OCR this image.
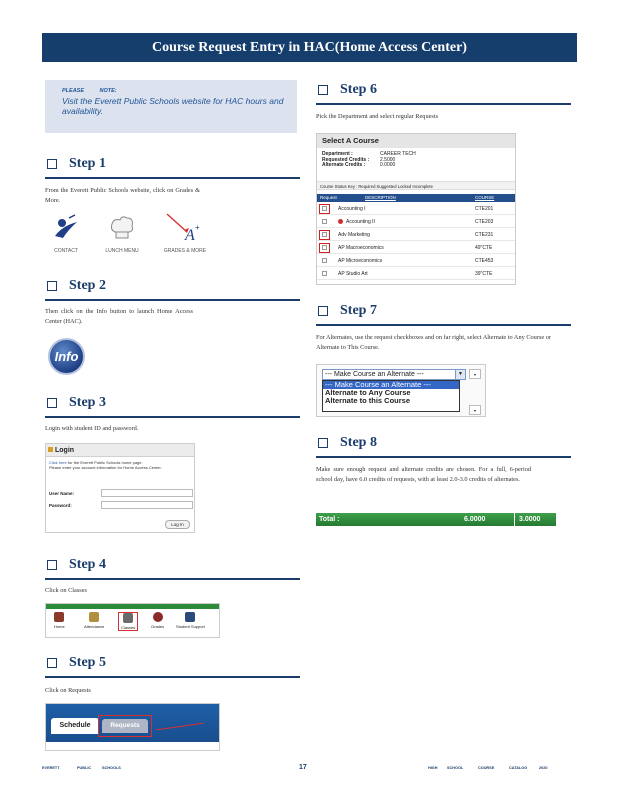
Course Request Entry in HAC(Home Access Center)
PLEASE NOTE:
Visit the Everett Public Schools website for HAC hours and availability.
Step 1
From the Everett Public Schools website, click on Grades & More.
CONTACT	LUNCH MENU
A +
GRADES & MORE
Step 2
Then click on the Info button to launch Home Access Center (HAC).
Info
Step 3
Login with student ID and password.
Login
Click here for the Everett Public Schools home page.
Please enter your account information for Home Access Center.
User Name:
Password:
Log In
Step 4
Click on Classes
Home	Attendance	Classes	Grades	Student Support
Step 5
Click on Requests
Schedule	Requests
Step 6
Pick the Department and select regular Requests
Select A Course
Department :	CAREER TECH
Requested Credits : 2.5000
Alternate Credits :	0.0000
Course Status Key : Required Suggested Locked Incomplete
Request	DESCRIPTION	COURSE
Accounting I	CTE201
Accounting II	CTE203
Adv Marketing	CTE231
AP Macroeconomics	49"CTE
AP Microeconomics	CTE453
AP Studio Art	39"CTE
Step 7
For Alternates, use the request checkboxes and on far right, select Alternate to Any Course or Alternate to This Course.
--- Make Course an Alternate ---	▼	▾
▾
--- Make Course an Alternate ---
Alternate to Any Course
Alternate to this Course
Step 8
Make sure enough request and alternate credits are chosen. For a full, 6-period school day, have 6.0 credits of requests, with at least 2.0-3.0 credits of alternates.
Total :	6.0000	3.0000
EVERETT	PUBLIC	SCHOOLS	17	HIGH	SCHOOL	COURSE	CATALOG	2020
